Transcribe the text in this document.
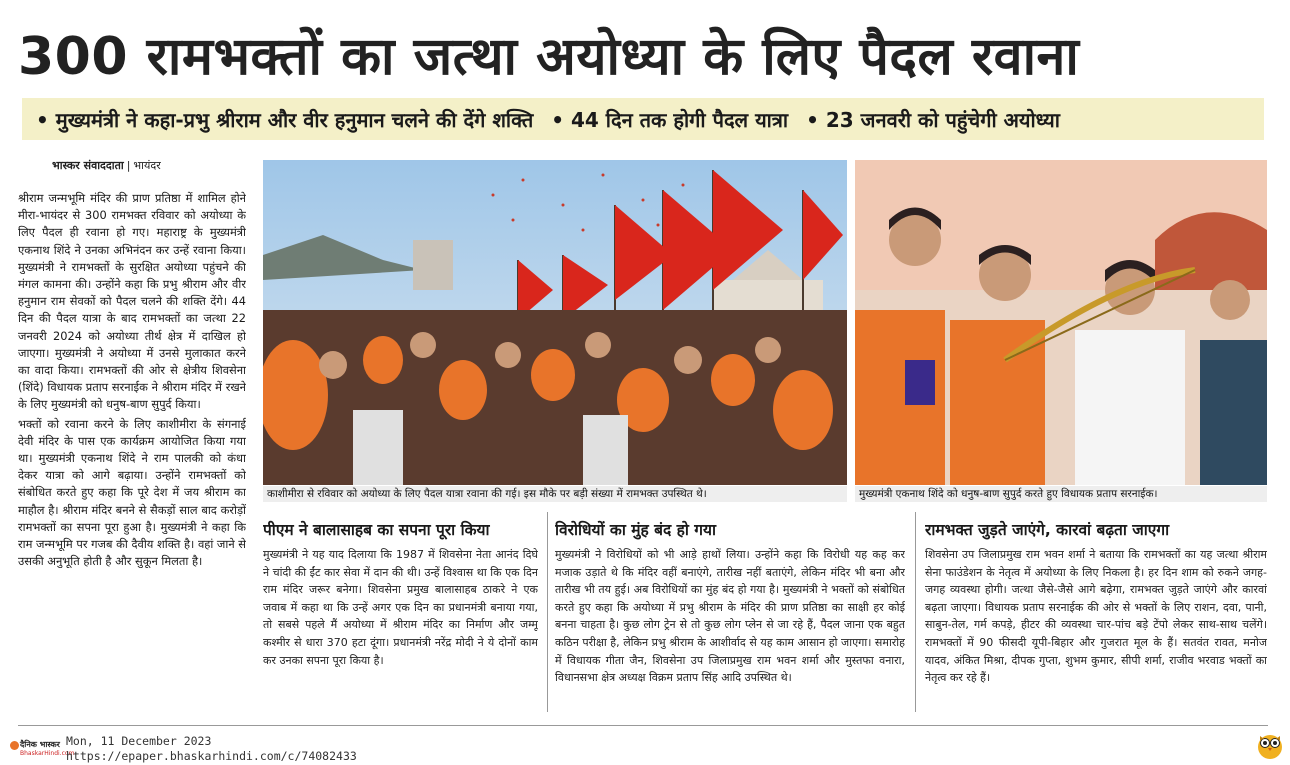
300 रामभक्तों का जत्था अयोध्या के लिए पैदल रवाना
• मुख्यमंत्री ने कहा-प्रभु श्रीराम और वीर हनुमान चलने की देंगे शक्ति • 44 दिन तक होगी पैदल यात्रा • 23 जनवरी को पहुंचेगी अयोध्या
भास्कर संवाददाता | भायंदर

श्रीराम जन्मभूमि मंदिर की प्राण प्रतिष्ठा में शामिल होने मीरा-भायंदर से 300 रामभक्त रविवार को अयोध्या के लिए पैदल ही रवाना हो गए। महाराष्ट्र के मुख्यमंत्री एकनाथ शिंदे ने उनका अभिनंदन कर उन्हें रवाना किया। मुख्यमंत्री ने रामभक्तों के सुरक्षित अयोध्या पहुंचने की मंगल कामना की। उन्होंने कहा कि प्रभु श्रीराम और वीर हनुमान राम सेवकों को पैदल चलने की शक्ति देंगे। 44 दिन की पैदल यात्रा के बाद रामभक्तों का जत्था 22 जनवरी 2024 को अयोध्या तीर्थ क्षेत्र में दाखिल हो जाएगा। मुख्यमंत्री ने अयोध्या में उनसे मुलाकात करने का वादा किया। रामभक्तों की ओर से क्षेत्रीय शिवसेना (शिंदे) विधायक प्रताप सरनाईक ने श्रीराम मंदिर में रखने के लिए मुख्यमंत्री को धनुष-बाण सुपुर्द किया।

भक्तों को रवाना करने के लिए काशीमीरा के संगनाई देवी मंदिर के पास एक कार्यक्रम आयोजित किया गया था। मुख्यमंत्री एकनाथ शिंदे ने राम पालकी को कंधा देकर यात्रा को आगे बढ़ाया। उन्होंने रामभक्तों को संबोधित करते हुए कहा कि पूरे देश में जय श्रीराम का माहौल है। श्रीराम मंदिर बनने से सैकड़ों साल बाद करोड़ों रामभक्तों का सपना पूरा हुआ है। मुख्यमंत्री ने कहा कि राम जन्मभूमि पर गजब की दैवीय शक्ति है। वहां जाने से उसकी अनुभूति होती है और सुकून मिलता है।

काशीमीरा से रविवार को अयोध्या के लिए पैदल यात्रा रवाना की गई। इस मौके पर बड़ी संख्या में रामभक्त उपस्थित थे।	मुख्यमंत्री एकनाथ शिंदे को धनुष-बाण सुपुर्द करते हुए विधायक प्रताप सरनाईक।
पीएम ने बालासाहब का सपना पूरा किया

मुख्यमंत्री ने यह याद दिलाया कि 1987 में शिवसेना नेता आनंद दिघे ने चांदी की ईंट कार सेवा में दान की थी। उन्हें विश्वास था कि एक दिन राम मंदिर जरूर बनेगा। शिवसेना प्रमुख बालासाहब ठाकरे ने एक जवाब में कहा था कि उन्हें अगर एक दिन का प्रधानमंत्री बनाया गया, तो सबसे पहले मैं अयोध्या में श्रीराम मंदिर का निर्माण और जम्मू कश्मीर से धारा 370 हटा दूंगा। प्रधानमंत्री नरेंद्र मोदी ने ये दोनों काम कर उनका सपना पूरा किया है।

विरोधियों का मुंह बंद हो गया

मुख्यमंत्री ने विरोधियों को भी आड़े हाथों लिया। उन्होंने कहा कि विरोधी यह कह कर मजाक उड़ाते थे कि मंदिर वहीं बनाएंगे, तारीख नहीं बताएंगे, लेकिन मंदिर भी बना और तारीख भी तय हुई। अब विरोधियों का मुंह बंद हो गया है। मुख्यमंत्री ने भक्तों को संबोधित करते हुए कहा कि अयोध्या में प्रभु श्रीराम के मंदिर की प्राण प्रतिष्ठा का साक्षी हर कोई बनना चाहता है। कुछ लोग ट्रेन से तो कुछ लोग प्लेन से जा रहे हैं, पैदल जाना एक बहुत कठिन परीक्षा है, लेकिन प्रभु श्रीराम के आशीर्वाद से यह काम आसान हो जाएगा। समारोह में विधायक गीता जैन, शिवसेना उप जिलाप्रमुख राम भवन शर्मा और मुस्तफा वनारा, विधानसभा क्षेत्र अध्यक्ष विक्रम प्रताप सिंह आदि उपस्थित थे।

रामभक्त जुड़ते जाएंगे, कारवां बढ़ता जाएगा

शिवसेना उप जिलाप्रमुख राम भवन शर्मा ने बताया कि रामभक्तों का यह जत्था श्रीराम सेना फाउंडेशन के नेतृत्व में अयोध्या के लिए निकला है। हर दिन शाम को रुकने जगह-जगह व्यवस्था होगी। जत्था जैसे-जैसे आगे बढ़ेगा, रामभक्त जुड़ते जाएंगे और कारवां बढ़ता जाएगा। विधायक प्रताप सरनाईक की ओर से भक्तों के लिए राशन, दवा, पानी, साबुन-तेल, गर्म कपड़े, हीटर की व्यवस्था चार-पांच बड़े टेंपो लेकर साथ-साथ चलेंगे। रामभक्तों में 90 फीसदी यूपी-बिहार और गुजरात मूल के हैं। सतवंत रावत, मनोज यादव, अंकित मिश्रा, दीपक गुप्ता, शुभम कुमार, सीपी शर्मा, राजीव भरवाड भक्तों का नेतृत्व कर रहे हैं।

दैनिक भास्कर
BhaskarHindi.com
Mon, 11 December 2023
https://epaper.bhaskarhindi.com/c/74082433
